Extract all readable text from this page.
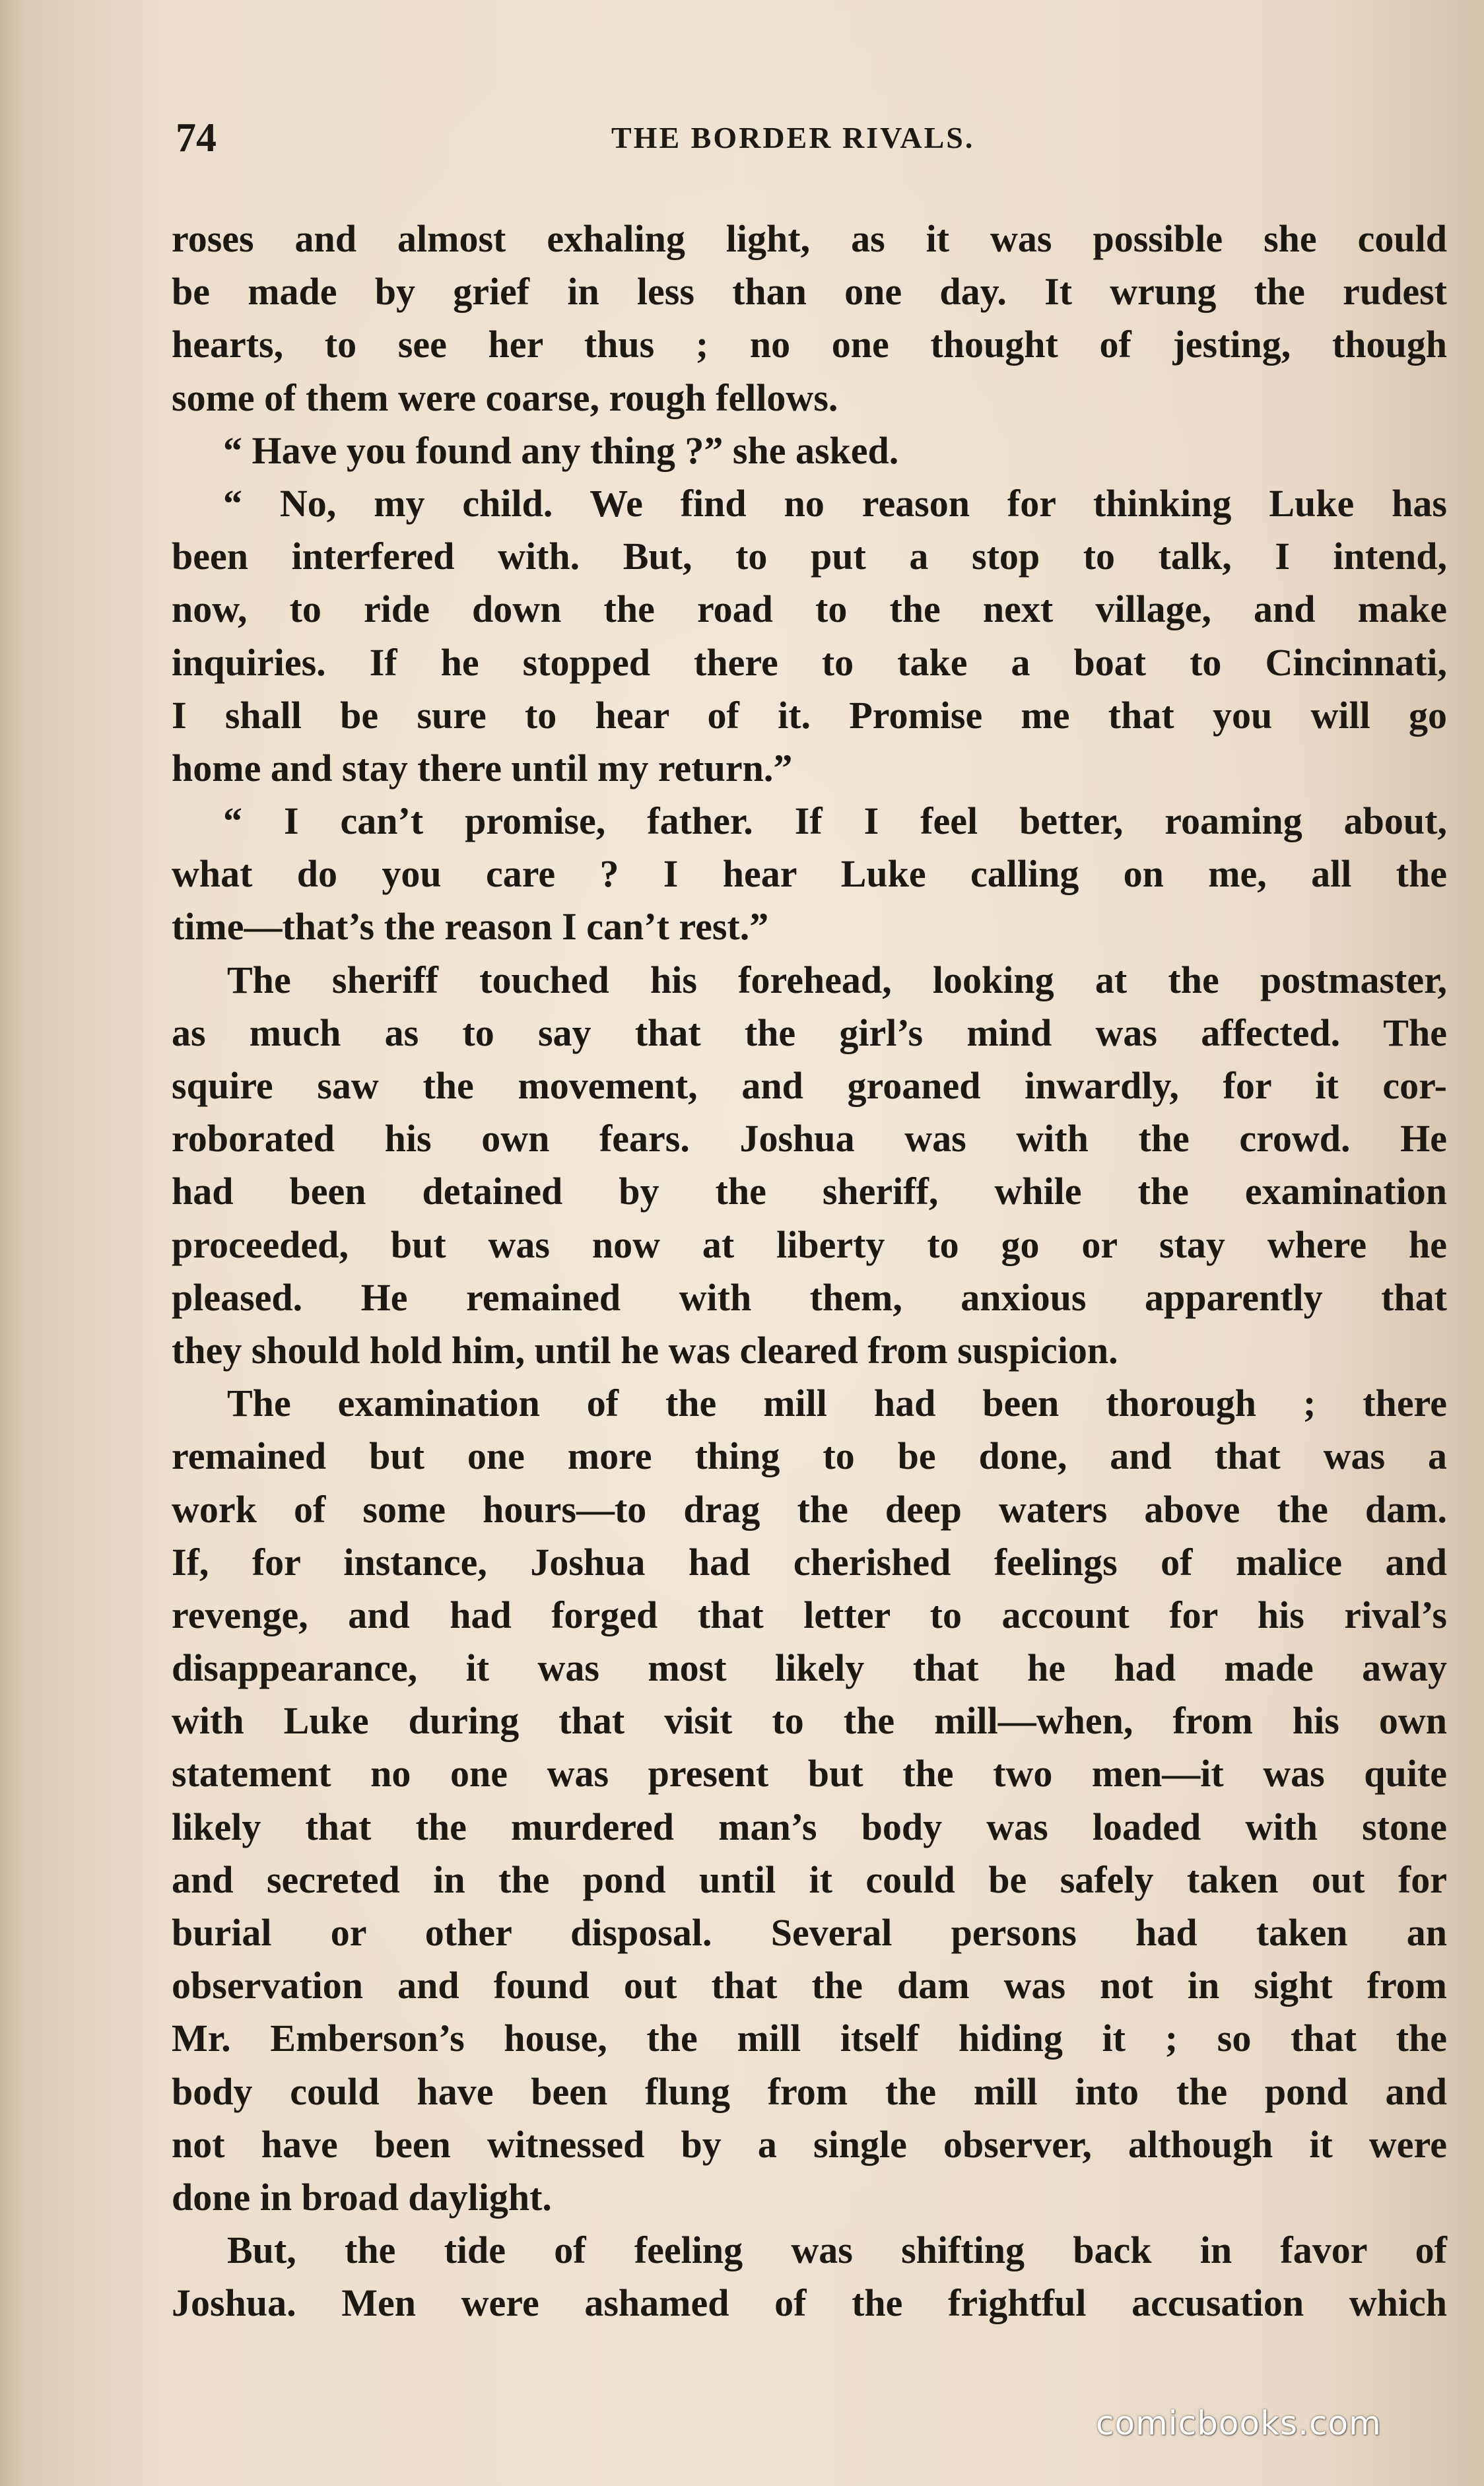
74	THE BORDER RIVALS.
roses and almost exhaling light, as it was possible she could
be made by grief in less than one day. It wrung the rudest
hearts, to see her thus ; no one thought of jesting, though
some of them were coarse, rough fellows.
“ Have you found any thing ?” she asked.
“ No, my child. We find no reason for thinking Luke has
been interfered with. But, to put a stop to talk, I intend,
now, to ride down the road to the next village, and make
inquiries. If he stopped there to take a boat to Cincinnati,
I shall be sure to hear of it. Promise me that you will go
home and stay there until my return.”
“ I can’t promise, father. If I feel better, roaming about,
what do you care ? I hear Luke calling on me, all the
time—that’s the reason I can’t rest.”
The sheriff touched his forehead, looking at the postmaster,
as much as to say that the girl’s mind was affected. The
squire saw the movement, and groaned inwardly, for it cor-
roborated his own fears. Joshua was with the crowd. He
had been detained by the sheriff, while the examination
proceeded, but was now at liberty to go or stay where he
pleased. He remained with them, anxious apparently that
they should hold him, until he was cleared from suspicion.
The examination of the mill had been thorough ; there
remained but one more thing to be done, and that was a
work of some hours—to drag the deep waters above the dam.
If, for instance, Joshua had cherished feelings of malice and
revenge, and had forged that letter to account for his rival’s
disappearance, it was most likely that he had made away
with Luke during that visit to the mill—when, from his own
statement no one was present but the two men—it was quite
likely that the murdered man’s body was loaded with stone
and secreted in the pond until it could be safely taken out for
burial or other disposal. Several persons had taken an
observation and found out that the dam was not in sight from
Mr. Emberson’s house, the mill itself hiding it ; so that the
body could have been flung from the mill into the pond and
not have been witnessed by a single observer, although it were
done in broad daylight.
But, the tide of feeling was shifting back in favor of
Joshua. Men were ashamed of the frightful accusation which
comicbooks.com
